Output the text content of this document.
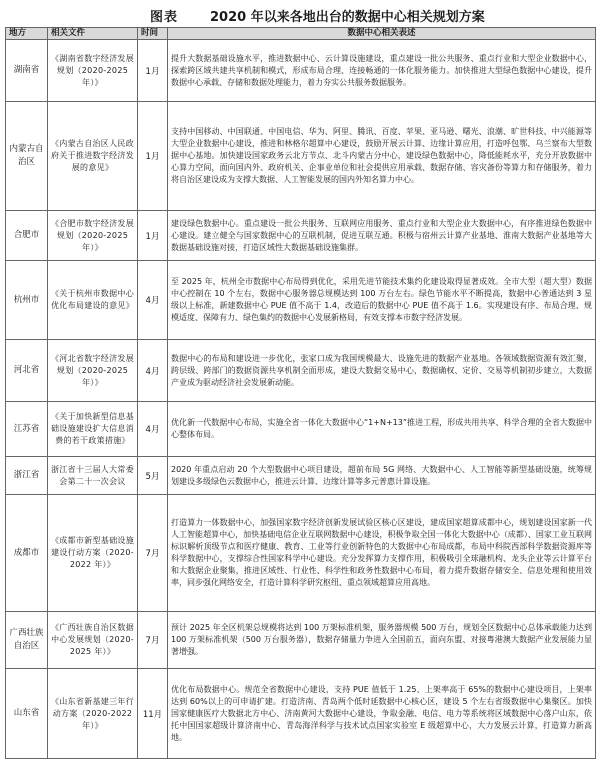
图表 2020 年以来各地出台的数据中心相关规划方案
地方	相关文件	时间	数据中心相关表述
湖南省	《湖南省数字经济发展规划（2020-2025 年）》	1月	提升大数据基础设施水平，推进数据中心、云计算设施建设，重点建设一批公共服务、重点行业和大型企业数据中心，探索跨区域共建共享机制和模式，形成布局合理、连接畅通的一体化服务能力。加快推进大型绿色数据中心建设，提升数据中心承载、存储和数据处理能力，着力夯实公共服务数据服务。
内蒙古自治区	《内蒙古自治区人民政府关于推进数字经济发展的意见》	1月	支持中国移动、中国联通、中国电信、华为、阿里、腾讯、百度、苹果、亚马逊、曙光、浪潮、旷世科技、中兴能源等大型企业数据中心建设，推进和林格尔超算中心建设，鼓励开展云计算、边缘计算应用，打造呼包鄂、乌兰察布大型数据中心基地。加快建设国家政务云北方节点、北斗内蒙古分中心，建设绿色数据中心，降低能耗水平，充分开放数据中心算力空间，面向国内外、政府机关、企事业单位和社会提供应用承载、数据存储、容灾备份等算力和存储服务，着力将自治区建设成为支撑大数据、人工智能发展的国内外知名算力中心。
合肥市	《合肥市数字经济发展规划（2020-2025 年）》	1月	建设绿色数据中心。重点建设一批公共服务、互联网应用服务、重点行业和大型企业大数据中心，有序推进绿色数据中心建设。建立健全与国家数据中心的互联机制，促进互联互通。积极与宿州云计算产业基地、淮南大数据产业基地等大数据基础设施对接，打造区域性大数据基础设施集群。
杭州市	《关于杭州市数据中心优化布局建设的意见》	4月	至 2025 年，杭州全市数据中心布局得到优化，采用先进节能技术集约化建设取得显著成效。全市大型（超大型）数据中心控制在 10 个左右，数据中心服务器总规模达到 100 万台左右。绿色节能水平不断提高，数据中心普通达到 3 星级以上标准，新建数据中心 PUE 值不高于 1.4，改造后的数据中心 PUE 值不高于 1.6。实现建设有序、布局合理、规模适度、保障有力、绿色集约的数据中心发展新格局，有效支撑本市数字经济发展。
河北省	《河北省数字经济发展规划（2020-2025 年）》	4月	数据中心的布局和建设进一步优化，张家口成为我国规模最大、设施先进的数据产业基地。各领域数据资源有效汇聚，跨层级、跨部门的数据资源共享机制全面形成，建设大数据交易中心，数据确权、定价、交易等机制初步建立，大数据产业成为驱动经济社会发展新动能。
江苏省	《关于加快新型信息基础设施建设扩大信息消费的若干政策措施》	4月	优化新一代数据中心布局，实施全省一体化大数据中心“1+N+13”推进工程，形成共用共享、科学合理的全省大数据中心整体布局。
浙江省	浙江省十三届人大常委会第二十一次会议	5月	2020 年重点启动 20 个大型数据中心项目建设，超前布局 5G 网络、大数据中心、人工智能等新型基础设施，统筹规划建设多级绿色云数据中心，推进云计算、边缘计算等多元普惠计算设施。
成都市	《成都市新型基础设施建设行动方案（2020-2022 年）》	7月	打造算力一体数据中心，加强国家数字经济创新发展试验区核心区建设，建成国家超算成都中心，规划建设国家新一代人工智能超算中心，加快基础电信企业互联网数据中心建设，积极争取全国一体化大数据中心（成都）、国家工业互联网标识解析顶级节点和医疗健康、教育、工业等行业创新特色的大数据中心布局成都，布局中科院西部科学数据资源库等科学数据中心，支撑综合性国家科学中心建设。充分发挥算力支撑作用，积极吸引全球融机构、龙头企业等云计算平台和大数据企业聚集，推进区域性、行业性、科学性和政务性数据中心布局，着力提升数据存储安全、信息处理和使用效率，同步强化网络安全，打造计算科学研究枢纽、重点领域超算应用高地。
广西壮族自治区	《广西壮族自治区数据中心发展规划（2020-2025 年）》	7月	预计 2025 年全区机架总规模将达到 100 万架标准机架，服务器规模 500 万台，规划全区数据中心总体承载能力达到 100 万架标准机架（500 万台服务器），数据存储量力争进入全国前五，面向东盟、对接粤港澳大数据产业发展能力显著增强。
山东省	《山东省新基建三年行动方案（2020-2022 年）》	11月	优化布局数据中心。规范全省数据中心建设，支持 PUE 值低于 1.25、上架率高于 65%的数据中心建设项目，上架率达到 60%以上的可申请扩建。打造济南、青岛两个低时延数据中心核心区，建设 5 个左右省级数据中心集聚区。加快国家健康医疗大数据北方中心、济南黄河大数据中心建设，争取金融、电信、电力等系统将区域数据中心落户山东，依托中国国家超级计算济南中心、青岛海洋科学与技术试点国家实验室 E 级超算中心，大力发展云计算，打造算力新高地。
